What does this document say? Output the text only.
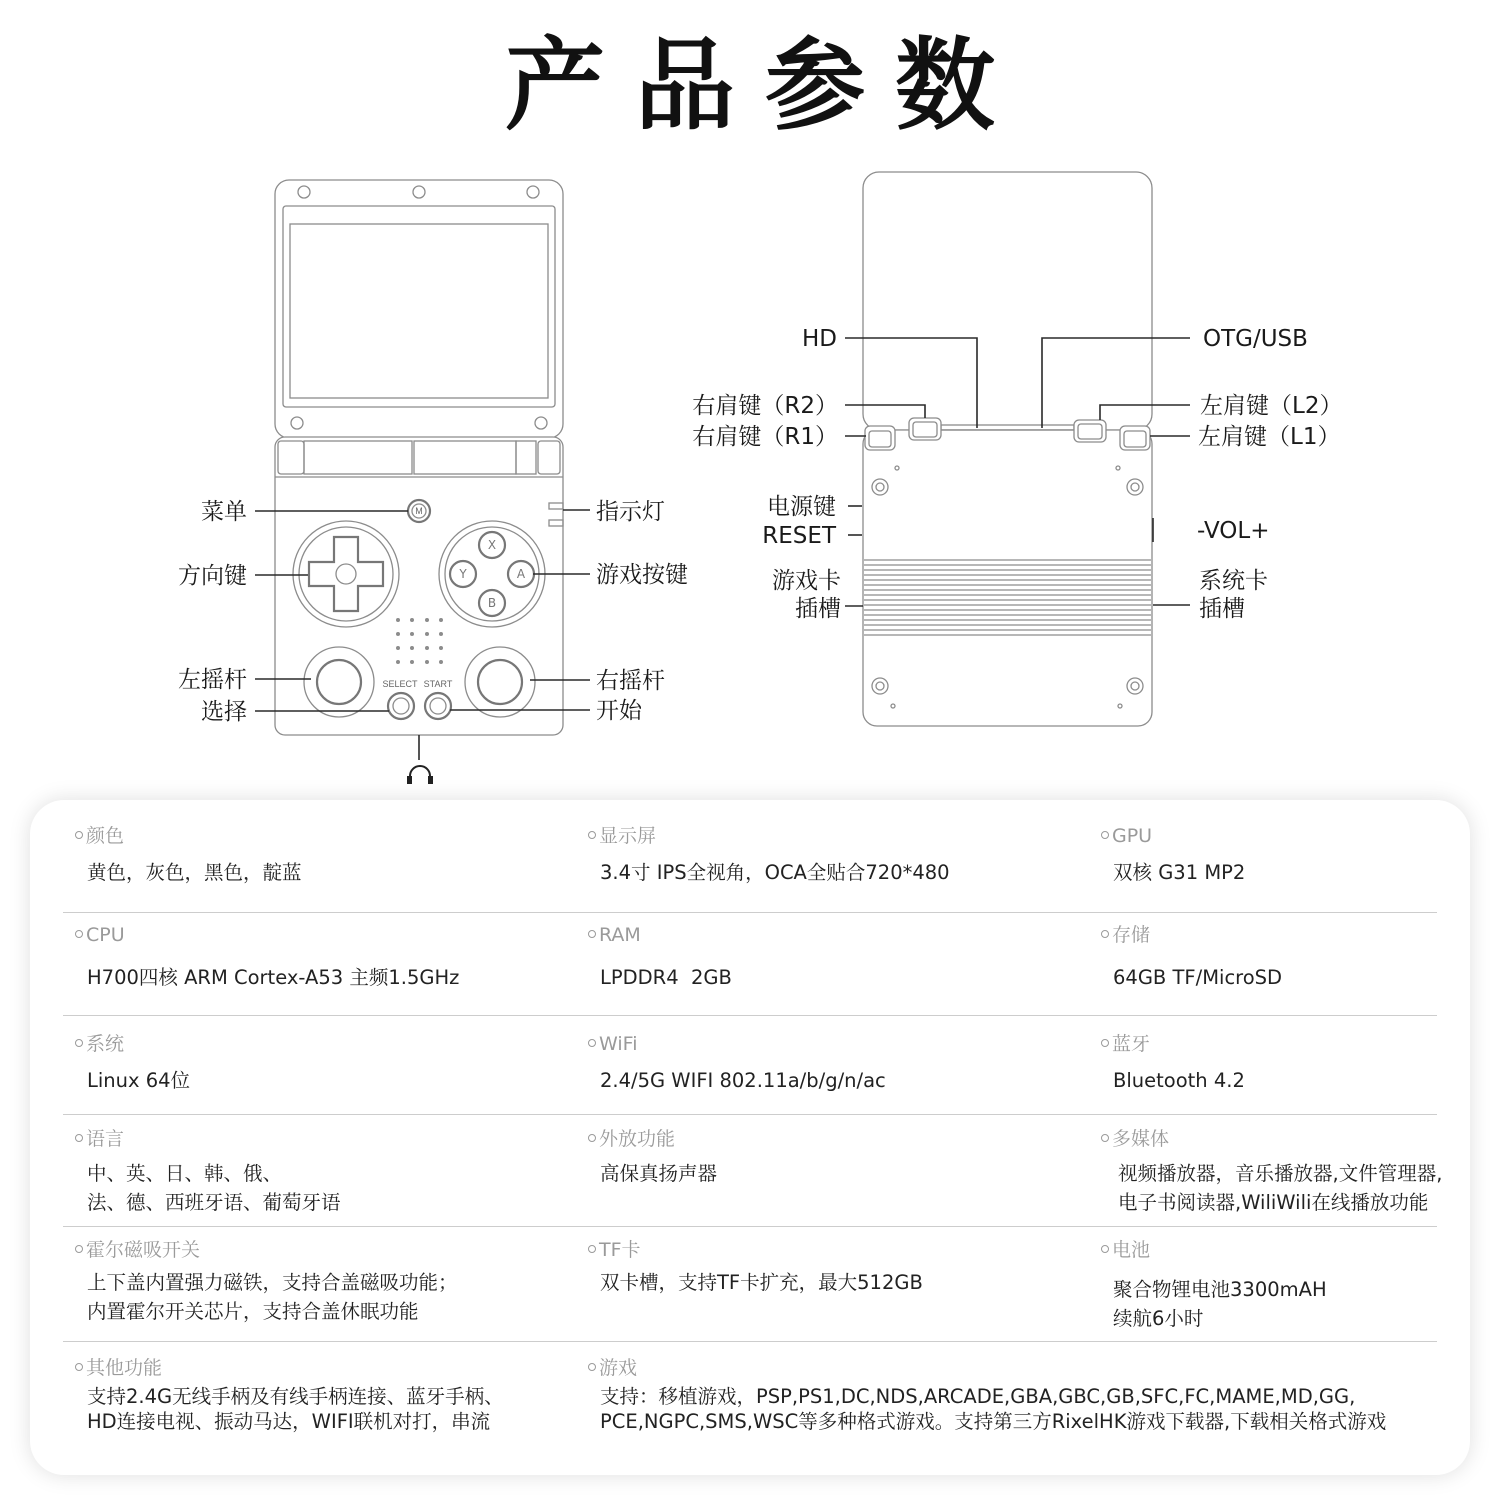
M
X
Y	A
B
SELECT START
菜单
方向键
左摇杆
选择
指示灯
游戏按键
右摇杆
开始
HD
右肩键（R2）
右肩键（R1）
电源键
RESET
游戏卡
插槽
OTG/USB
左肩键（L2）
左肩键（L1）
-VOL+
系统卡
插槽
产品参数
颜色
黄色，灰色，黑色，靛蓝
显示屏
3.4寸 IPS全视角，OCA全贴合720*480
GPU
双核 G31 MP2
CPU
H700四核 ARM Cortex-A53 主频1.5GHz
RAM
LPDDR4  2GB
存储
64GB TF/MicroSD
系统
Linux 64位
WiFi
2.4/5G WIFI 802.11a/b/g/n/ac
蓝牙
Bluetooth 4.2
语言
中、英、日、韩、俄、
法、德、西班牙语、葡萄牙语
外放功能
高保真扬声器
多媒体
视频播放器，音乐播放器,文件管理器,
电子书阅读器,WiliWili在线播放功能
霍尔磁吸开关
上下盖内置强力磁铁，支持合盖磁吸功能；
内置霍尔开关芯片，支持合盖休眠功能
TF卡
双卡槽，支持TF卡扩充，最大512GB
电池
聚合物锂电池3300mAH
续航6小时
其他功能
支持2.4G无线手柄及有线手柄连接、蓝牙手柄、
HD连接电视、振动马达，WIFI联机对打，串流
游戏
支持：移植游戏，PSP,PS1,DC,NDS,ARCADE,GBA,GBC,GB,SFC,FC,MAME,MD,GG,
PCE,NGPC,SMS,WSC等多种格式游戏。支持第三方RixelHK游戏下载器,下载相关格式游戏
